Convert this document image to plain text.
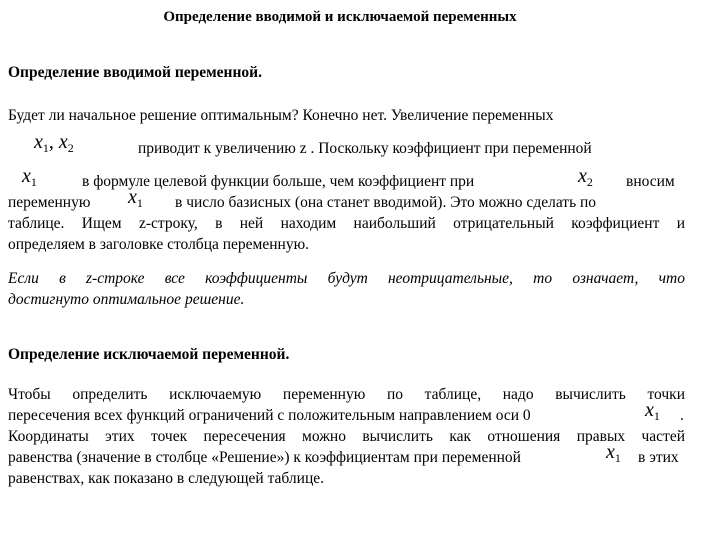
Определение вводимой и исключаемой переменных
Определение вводимой переменной.
Будет ли начальное решение оптимальным? Конечно нет. Увеличение переменных
$x_1$, $x_2$	приводит к увеличению z . Поскольку коэффициент при переменной
$x_1$	в формуле целевой функции больше, чем коэффициент при	$x_2$ вносим
переменную	$x_1$ в число базисных (она станет вводимой). Это можно сделать по
таблице. Ищем z-строку, в ней находим наибольший отрицательный коэффициент и
определяем в заголовке столбца переменную.
Если в z-строке все коэффициенты будут неотрицательные, то означает, что
достигнуто оптимальное решение.
Определение исключаемой переменной.
Чтобы определить исключаемую переменную по таблице, надо вычислить точки
пересечения всех функций ограничений с положительным направлением оси 0	$x_1$ .
Координаты этих точек пересечения можно вычислить как отношения правых частей
равенства (значение в столбце «Решение») к коэффициентам при переменной	$x_1$ в этих
равенствах, как показано в следующей таблице.
